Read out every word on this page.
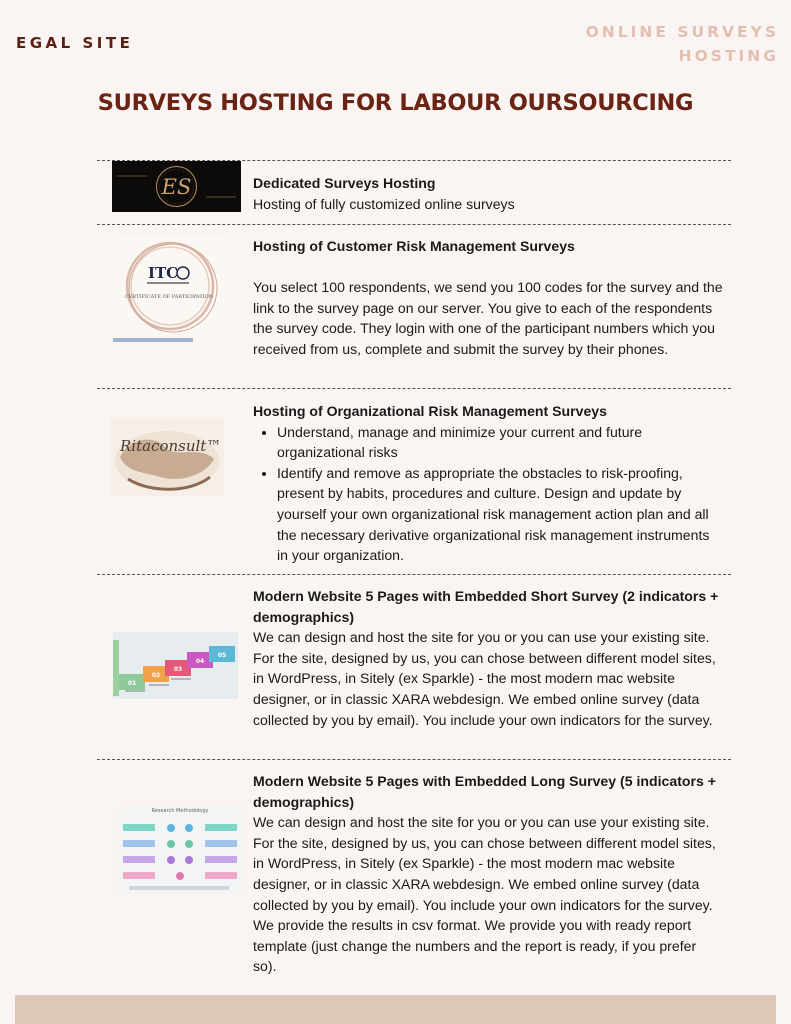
EGAL SITE
ONLINE SURVEYS
HOSTING
SURVEYS HOSTING FOR LABOUR OURSOURCING
ES	Dedicated Surveys Hosting

Hosting of fully customized online surveys

ITC
CERTIFICATE OF PARTICIPATION
Hosting of Customer Risk Management Surveys

You select 100 respondents, we send you 100 codes for the survey and the link to the survey page on our server. You give to each of the respondents the survey code. They login with one of the participant numbers which you received from us, complete and submit the survey by their phones.

Ritaconsult™
Hosting of Organizational Risk Management Surveys
• Understand, manage and minimize your current and future organizational risks
• Identify and remove as appropriate the obstacles to risk-proofing, present by habits, procedures and culture. Design and update by yourself your own organizational risk management action plan and all the necessary derivative organizational risk management instruments in your organization.
01
02
03
04
05
Modern Website 5 Pages with Embedded Short Survey (2 indicators + demographics)

We can design and host the site for you or you can use your existing site. For the site, designed by us, you can chose between different model sites, in WordPress, in Sitely (ex Sparkle) - the most modern mac website designer, or in classic XARA webdesign. We embed online survey (data collected by you by email). You include your own indicators for the survey.

Research Methodology
Modern Website 5 Pages with Embedded Long Survey (5 indicators + demographics)

We can design and host the site for you or you can use your existing site. For the site, designed by us, you can chose between different model sites, in WordPress, in Sitely (ex Sparkle) - the most modern mac website designer, or in classic XARA webdesign. We embed online survey (data collected by you by email). You include your own indicators for the survey. We provide the results in csv format. We provide you with ready report template (just change the numbers and the report is ready, if you prefer so).
